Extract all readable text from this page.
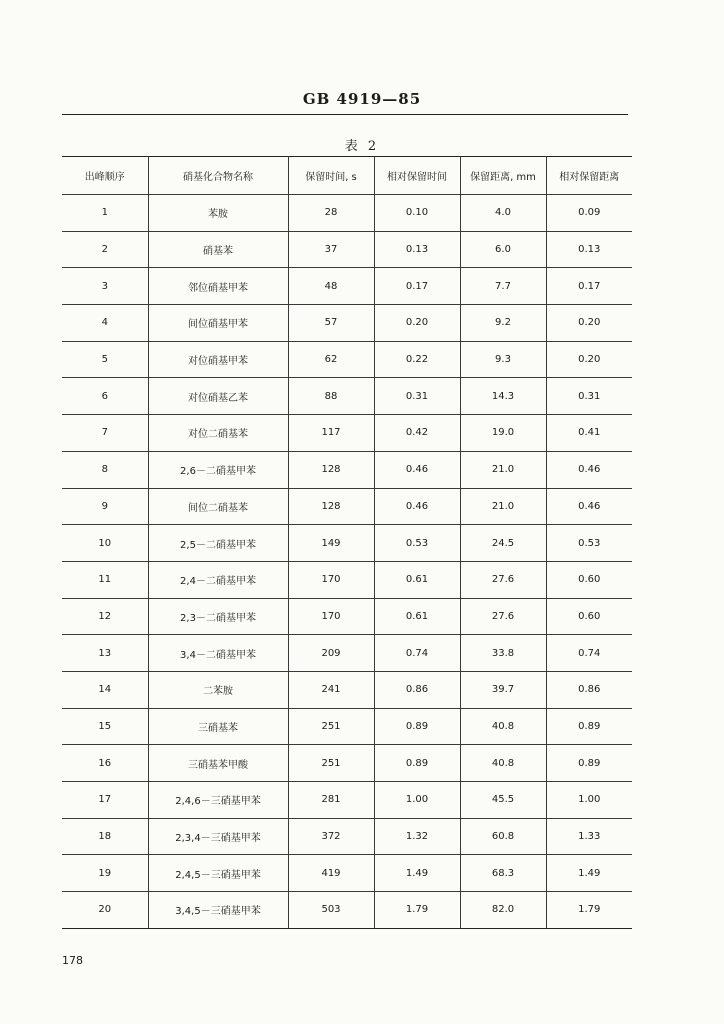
GB 4919—85
表 2
出峰顺序	硝基化合物名称	保留时间, s	相对保留时间	保留距离, mm	相对保留距离
1	苯胺	28	0.10	4.0	0.09
2	硝基苯	37	0.13	6.0	0.13
3	邻位硝基甲苯	48	0.17	7.7	0.17
4	间位硝基甲苯	57	0.20	9.2	0.20
5	对位硝基甲苯	62	0.22	9.3	0.20
6	对位硝基乙苯	88	0.31	14.3	0.31
7	对位二硝基苯	117	0.42	19.0	0.41
8	2,6－二硝基甲苯	128	0.46	21.0	0.46
9	间位二硝基苯	128	0.46	21.0	0.46
10	2,5－二硝基甲苯	149	0.53	24.5	0.53
11	2,4－二硝基甲苯	170	0.61	27.6	0.60
12	2,3－二硝基甲苯	170	0.61	27.6	0.60
13	3,4－二硝基甲苯	209	0.74	33.8	0.74
14	二苯胺	241	0.86	39.7	0.86
15	三硝基苯	251	0.89	40.8	0.89
16	三硝基苯甲酸	251	0.89	40.8	0.89
17	2,4,6－三硝基甲苯	281	1.00	45.5	1.00
18	2,3,4－三硝基甲苯	372	1.32	60.8	1.33
19	2,4,5－三硝基甲苯	419	1.49	68.3	1.49
20	3,4,5－三硝基甲苯	503	1.79	82.0	1.79
178
